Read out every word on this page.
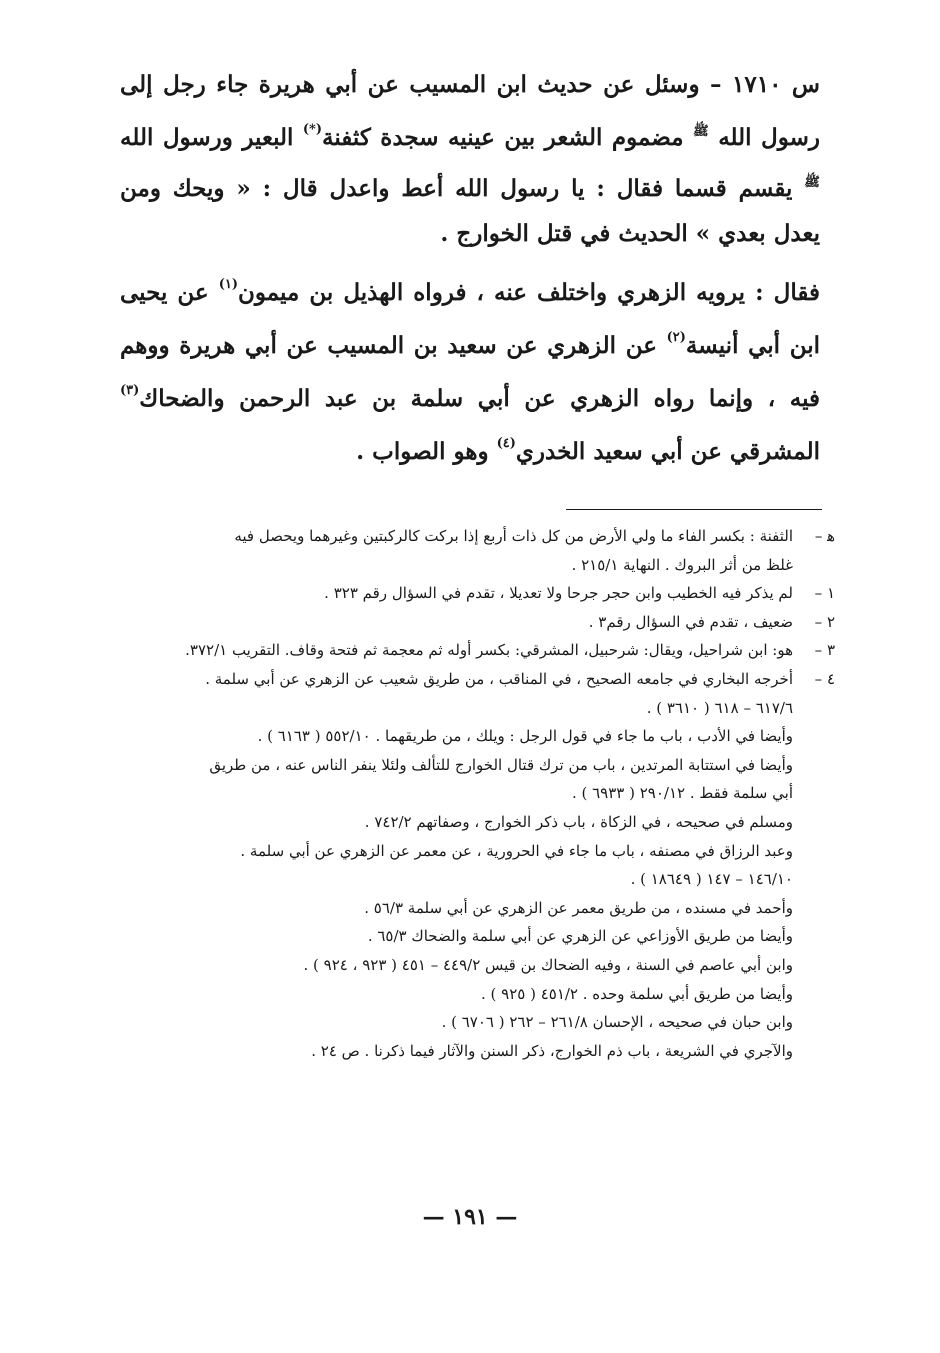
س ١٧١٠ – وسئل عن حديث ابن المسيب عن أبي هريرة جاء رجل إلى رسول الله $^ﷺ$ مضموم الشعر بين عينيه سجدة كثفنة(*) البعير ورسول الله $^ﷺ$ يقسم قسما فقال : يا رسول الله أعط واعدل قال : « ويحك ومن يعدل بعدي » الحديث في قتل الخوارج .

فقال : يرويه الزهري واختلف عنه ، فرواه الهذيل بن ميمون$^{(١)}$ عن يحيى ابن أبي أنيسة$^{(٢)}$ عن الزهري عن سعيد بن المسيب عن أبي هريرة ووهم فيه ، وإنما رواه الزهري عن أبي سلمة بن عبد الرحمن والضحاك$^{(٣)}$ المشرقي عن أبي سعيد الخدري$^{(٤)}$ وهو الصواب .

ﻫ –
الثفنة : بكسر الفاء ما ولي الأرض من كل ذات أربع إذا بركت كالركبتين وغيرهما ويحصل فيه
غلظ من أثر البروك . النهاية ٢١٥/١ .
١ –
لم يذكر فيه الخطيب وابن حجر جرحا ولا تعديلا ، تقدم في السؤال رقم ٣٢٣ .
٢ –
ضعيف ، تقدم في السؤال رقم٣ .
٣ –
هو: ابن شراحيل، ويقال: شرحبيل، المشرقي: بكسر أوله ثم معجمة ثم فتحة وقاف. التقريب ٣٧٢/١.
٤ –
أخرجه البخاري في جامعه الصحيح ، في المناقب ، من طريق شعيب عن الزهري عن أبي سلمة .
٦١٧/٦ – ٦١٨ ( ٣٦١٠ ) .
وأيضا في الأدب ، باب ما جاء في قول الرجل : ويلك ، من طريقهما . ٥٥٢/١٠ ( ٦١٦٣ ) .
وأيضا في استتابة المرتدين ، باب من ترك قتال الخوارج للتألف ولئلا ينفر الناس عنه ، من طريق
أبي سلمة فقط . ٢٩٠/١٢ ( ٦٩٣٣ ) .
ومسلم في صحيحه ، في الزكاة ، باب ذكر الخوارج ، وصفاتهم ٧٤٢/٢ .
وعبد الرزاق في مصنفه ، باب ما جاء في الحرورية ، عن معمر عن الزهري عن أبي سلمة .
١٤٦/١٠ – ١٤٧ ( ١٨٦٤٩ ) .
وأحمد في مسنده ، من طريق معمر عن الزهري عن أبي سلمة ٥٦/٣ .
وأيضا من طريق الأوزاعي عن الزهري عن أبي سلمة والضحاك ٦٥/٣ .
وابن أبي عاصم في السنة ، وفيه الضحاك بن قيس ٤٤٩/٢ – ٤٥١ ( ٩٢٣ ، ٩٢٤ ) .
وأيضا من طريق أبي سلمة وحده . ٤٥١/٢ ( ٩٢٥ ) .
وابن حبان في صحيحه ، الإحسان ٢٦١/٨ – ٢٦٢ ( ٦٧٠٦ ) .
والآجري في الشريعة ، باب ذم الخوارج، ذكر السنن والآثار فيما ذكرنا . ص ٢٤ .
— ١٩١ —
